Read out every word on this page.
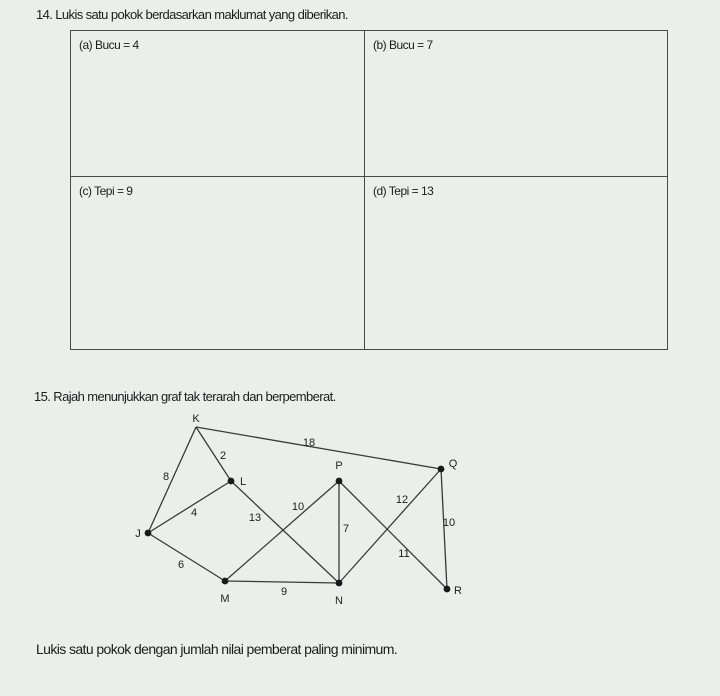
14. Lukis satu pokok berdasarkan maklumat yang diberikan.
(a) Bucu = 4	(b) Bucu = 7
(c) Tepi = 9	(d) Tepi = 13
15. Rajah menunjukkan graf tak terarah dan berpemberat.
18
2
8
4	13
10
7
11
12
10
6
9
K
L
P	Q
J
M	N
R
Lukis satu pokok dengan jumlah nilai pemberat paling minimum.
